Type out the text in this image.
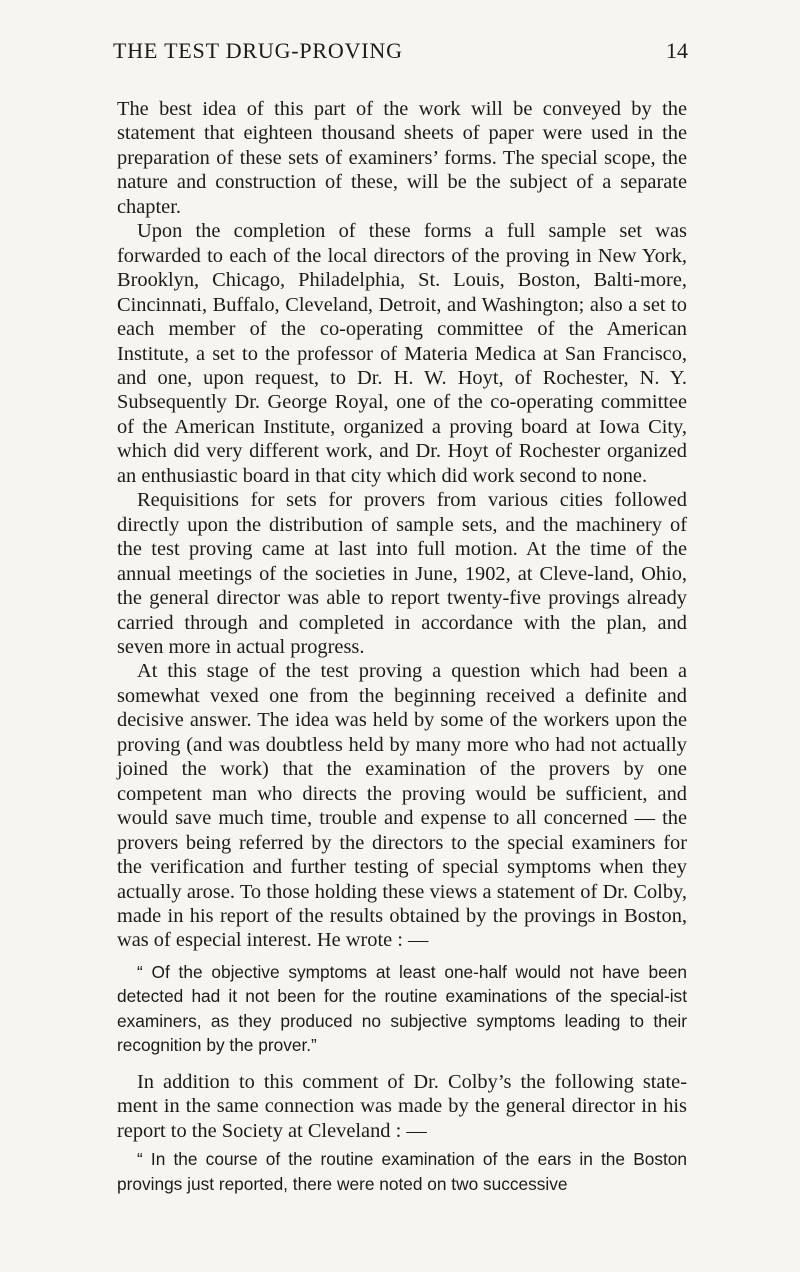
THE TEST DRUG-PROVING	14

The best idea of this part of the work will be conveyed by the statement that eighteen thousand sheets of paper were used in the preparation of these sets of examiners’ forms. The special scope, the nature and construction of these, will be the subject of a separate chapter.

Upon the completion of these forms a full sample set was forwarded to each of the local directors of the proving in New York, Brooklyn, Chicago, Philadelphia, St. Louis, Boston, Balti-more, Cincinnati, Buffalo, Cleveland, Detroit, and Washington; also a set to each member of the co-operating committee of the American Institute, a set to the professor of Materia Medica at San Francisco, and one, upon request, to Dr. H. W. Hoyt, of Rochester, N. Y. Subsequently Dr. George Royal, one of the co-operating committee of the American Institute, organized a proving board at Iowa City, which did very different work, and Dr. Hoyt of Rochester organized an enthusiastic board in that city which did work second to none.

Requisitions for sets for provers from various cities followed directly upon the distribution of sample sets, and the machinery of the test proving came at last into full motion. At the time of the annual meetings of the societies in June, 1902, at Cleve-land, Ohio, the general director was able to report twenty-five provings already carried through and completed in accordance with the plan, and seven more in actual progress.

At this stage of the test proving a question which had been a somewhat vexed one from the beginning received a definite and decisive answer. The idea was held by some of the workers upon the proving (and was doubtless held by many more who had not actually joined the work) that the examination of the provers by one competent man who directs the proving would be sufficient, and would save much time, trouble and expense to all concerned — the provers being referred by the directors to the special examiners for the verification and further testing of special symptoms when they actually arose. To those holding these views a statement of Dr. Colby, made in his report of the results obtained by the provings in Boston, was of especial interest. He wrote : —

“ Of the objective symptoms at least one-half would not have been detected had it not been for the routine examinations of the special-ist examiners, as they produced no subjective symptoms leading to their recognition by the prover.”

In addition to this comment of Dr. Colby’s the following state-ment in the same connection was made by the general director in his report to the Society at Cleveland : —

“ In the course of the routine examination of the ears in the Boston provings just reported, there were noted on two successive
